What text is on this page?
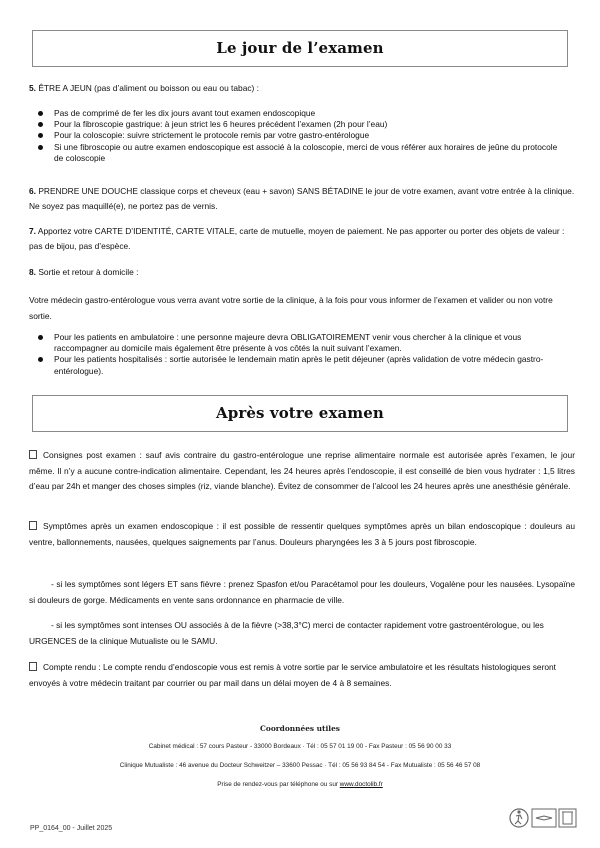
Le jour de l’examen

5. ÊTRE A JEUN (pas d’aliment ou boisson ou eau ou tabac) :

Pas de comprimé de fer les dix jours avant tout examen endoscopique
Pour la fibroscopie gastrique: à jeun strict les 6 heures précédent l’examen (2h pour l’eau)
Pour la coloscopie: suivre strictement le protocole remis par votre gastro-entérologue
Si une fibroscopie ou autre examen endoscopique est associé à la coloscopie, merci de vous référer aux horaires de jeûne du protocole de coloscopie

6. PRENDRE UNE DOUCHE classique corps et cheveux (eau + savon) SANS BÉTADINE le jour de votre examen, avant votre entrée à la clinique. Ne soyez pas maquillé(e), ne portez pas de vernis.

7. Apportez votre CARTE D’IDENTITÉ, CARTE VITALE, carte de mutuelle, moyen de paiement. Ne pas apporter ou porter des objets de valeur : pas de bijou, pas d’espèce.

8. Sortie et retour à domicile :

Votre médecin gastro-entérologue vous verra avant votre sortie de la clinique, à la fois pour vous informer de l’examen et valider ou non votre sortie.

Pour les patients en ambulatoire : une personne majeure devra OBLIGATOIREMENT venir vous chercher à la clinique et vous raccompagner au domicile mais également être présente à vos côtés la nuit suivant l’examen.
Pour les patients hospitalisés : sortie autorisée le lendemain matin après le petit déjeuner (après validation de votre médecin gastro-entérologue).
Après votre examen

Consignes post examen : sauf avis contraire du gastro-entérologue une reprise alimentaire normale est autorisée après l’examen, le jour même. Il n’y a aucune contre-indication alimentaire. Cependant, les 24 heures après l’endoscopie, il est conseillé de bien vous hydrater : 1,5 litres d’eau par 24h et manger des choses simples (riz, viande blanche). Évitez de consommer de l’alcool les 24 heures après une anesthésie générale.

Symptômes après un examen endoscopique : il est possible de ressentir quelques symptômes après un bilan endoscopique : douleurs au ventre, ballonnements, nausées, quelques saignements par l’anus. Douleurs pharyngées les 3 à 5 jours post fibroscopie.

- si les symptômes sont légers ET sans fièvre : prenez Spasfon et/ou Paracétamol pour les douleurs, Vogalène pour les nausées. Lysopaïne si douleurs de gorge. Médicaments en vente sans ordonnance en pharmacie de ville.

- si les symptômes sont intenses OU associés à de la fièvre (>38,3°C) merci de contacter rapidement votre gastroentérologue, ou les URGENCES de la clinique Mutualiste ou le SAMU.

Compte rendu : Le compte rendu d’endoscopie vous est remis à votre sortie par le service ambulatoire et les résultats histologiques seront envoyés à votre médecin traitant par courrier ou par mail dans un délai moyen de 4 à 8 semaines.

Coordonnées utiles
Cabinet médical : 57 cours Pasteur - 33000 Bordeaux · Tél : 05 57 01 19 00 - Fax Pasteur : 05 56 90 00 33
Clinique Mutualiste : 46 avenue du Docteur Schweitzer – 33600 Pessac · Tél : 05 56 93 84 54 - Fax Mutualiste : 05 56 46 57 08
Prise de rendez-vous par téléphone ou sur www.doctolib.fr
PP_0164_00 - Juillet 2025
